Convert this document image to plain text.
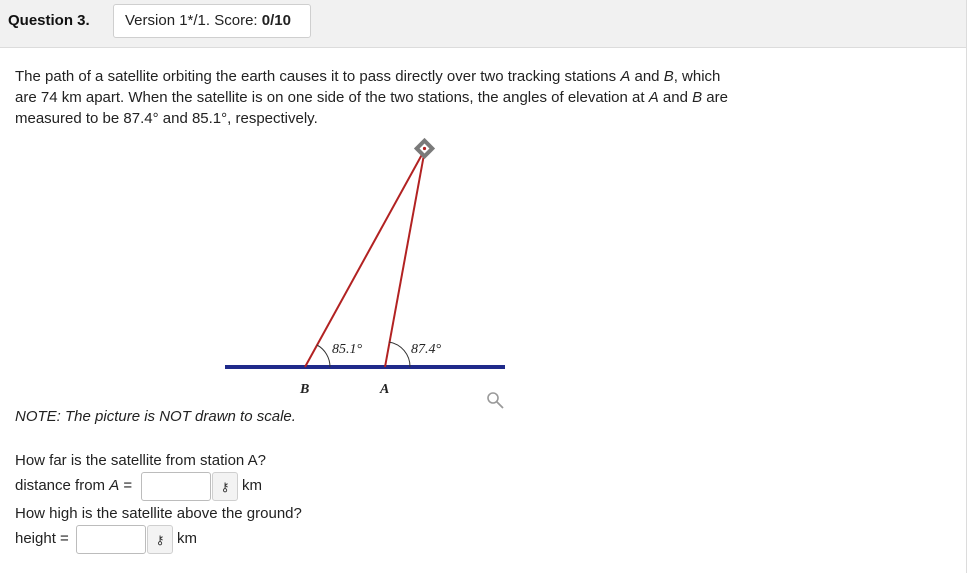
Question 3.	Version 1*/1. Score: 0/10
The path of a satellite orbiting the earth causes it to pass directly over two tracking stations A and B, which are 74 km apart. When the satellite is on one side of the two stations, the angles of elevation at A and B are measured to be 87.4° and 85.1°, respectively.
85.1°	87.4°
B	A
NOTE: The picture is NOT drawn to scale.
How far is the satellite from station A?
distance from A =	⚷ km
How high is the satellite above the ground?
height =	⚷ km
